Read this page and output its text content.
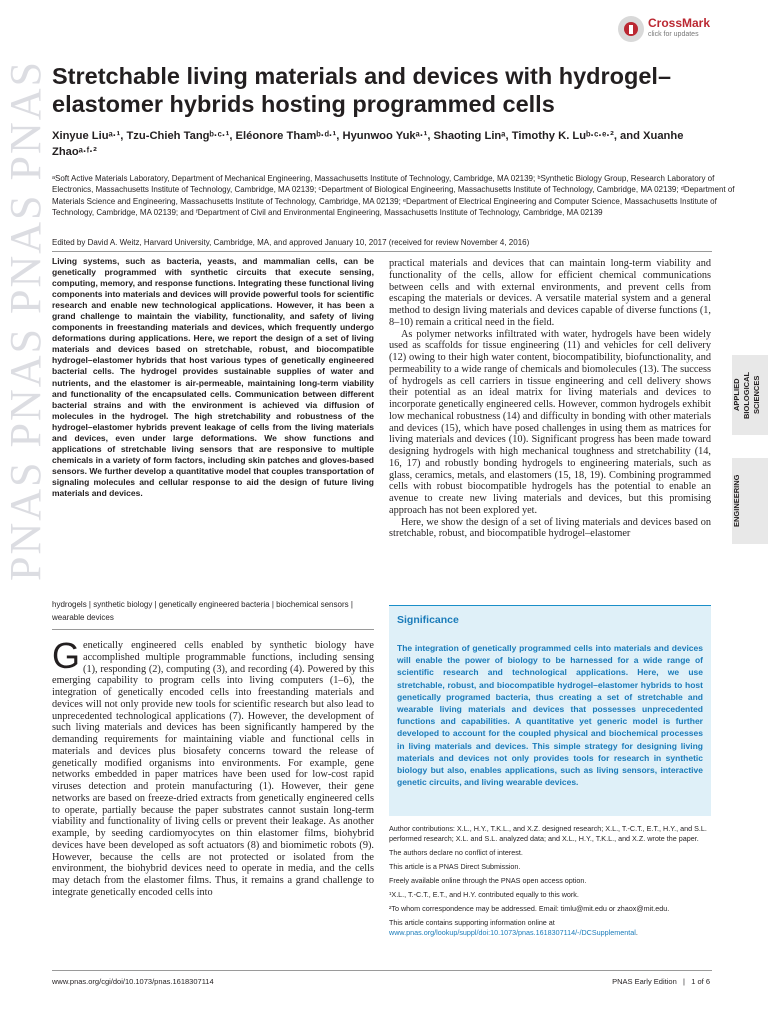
PNAS PNAS PNAS PNAS
CrossMark
click for updates
Stretchable living materials and devices with hydrogel–elastomer hybrids hosting programmed cells
Xinyue Liuᵃ·¹, Tzu-Chieh Tangᵇ·ᶜ·¹, Eléonore Thamᵇ·ᵈ·¹, Hyunwoo Yukᵃ·¹, Shaoting Linᵃ, Timothy K. Luᵇ·ᶜ·ᵉ·², and Xuanhe Zhaoᵃ·ᶠ·²
ᵃSoft Active Materials Laboratory, Department of Mechanical Engineering, Massachusetts Institute of Technology, Cambridge, MA 02139; ᵇSynthetic Biology Group, Research Laboratory of Electronics, Massachusetts Institute of Technology, Cambridge, MA 02139; ᶜDepartment of Biological Engineering, Massachusetts Institute of Technology, Cambridge, MA 02139; ᵈDepartment of Materials Science and Engineering, Massachusetts Institute of Technology, Cambridge, MA 02139; ᵉDepartment of Electrical Engineering and Computer Science, Massachusetts Institute of Technology, Cambridge, MA 02139; and ᶠDepartment of Civil and Environmental Engineering, Massachusetts Institute of Technology, Cambridge, MA 02139
Edited by David A. Weitz, Harvard University, Cambridge, MA, and approved January 10, 2017 (received for review November 4, 2016)
Living systems, such as bacteria, yeasts, and mammalian cells, can be genetically programmed with synthetic circuits that execute sensing, computing, memory, and response functions. Integrating these functional living components into materials and devices will provide powerful tools for scientific research and enable new technological applications. However, it has been a grand challenge to maintain the viability, functionality, and safety of living components in freestanding materials and devices, which frequently undergo deformations during applications. Here, we report the design of a set of living materials and devices based on stretchable, robust, and biocompatible hydrogel–elastomer hybrids that host various types of genetically engineered bacterial cells. The hydrogel provides sustainable supplies of water and nutrients, and the elastomer is air-permeable, maintaining long-term viability and functionality of the encapsulated cells. Communication between different bacterial strains and with the environment is achieved via diffusion of molecules in the hydrogel. The high stretchability and robustness of the hydrogel–elastomer hybrids prevent leakage of cells from the living materials and devices, even under large deformations. We show functions and applications of stretchable living sensors that are responsive to multiple chemicals in a variety of form factors, including skin patches and gloves-based sensors. We further develop a quantitative model that couples transportation of signaling molecules and cellular response to aid the design of future living materials and devices.
hydrogels | synthetic biology | genetically engineered bacteria | biochemical sensors | wearable devices
Genetically engineered cells enabled by synthetic biology have accomplished multiple programmable functions, including sensing (1), responding (2), computing (3), and recording (4). Powered by this emerging capability to program cells into living computers (1–6), the integration of genetically encoded cells into freestanding materials and devices will not only provide new tools for scientific research but also lead to unprecedented technological applications (7). However, the development of such living materials and devices has been significantly hampered by the demanding requirements for maintaining viable and functional cells in materials and devices plus biosafety concerns toward the release of genetically modified organisms into environments. For example, gene networks embedded in paper matrices have been used for low-cost rapid viruses detection and protein manufacturing (1). However, their gene networks are based on freeze-dried extracts from genetically engineered cells to operate, partially because the paper substrates cannot sustain long-term viability and functionality of living cells or prevent their leakage. As another example, by seeding cardiomyocytes on thin elastomer films, biohybrid devices have been developed as soft actuators (8) and biomimetic robots (9). However, because the cells are not protected or isolated from the environment, the biohybrid devices need to operate in media, and the cells may detach from the elastomer films. Thus, it remains a grand challenge to integrate genetically encoded cells into

practical materials and devices that can maintain long-term viability and functionality of the cells, allow for efficient chemical communications between cells and with external environments, and prevent cells from escaping the materials or devices. A versatile material system and a general method to design living materials and devices capable of diverse functions (1, 8–10) remain a critical need in the field.

As polymer networks infiltrated with water, hydrogels have been widely used as scaffolds for tissue engineering (11) and vehicles for cell delivery (12) owing to their high water content, biocompatibility, biofunctionality, and permeability to a wide range of chemicals and biomolecules (13). The success of hydrogels as cell carriers in tissue engineering and cell delivery shows their potential as an ideal matrix for living materials and devices to incorporate genetically engineered cells. However, common hydrogels exhibit low mechanical robustness (14) and difficulty in bonding with other materials and devices (15), which have posed challenges in using them as matrices for living materials and devices (10). Significant progress has been made toward designing hydrogels with high mechanical toughness and stretchability (14, 16, 17) and robustly bonding hydrogels to engineering materials, such as glass, ceramics, metals, and elastomers (15, 18, 19). Combining programmed cells with robust biocompatible hydrogels has the potential to enable an avenue to create new living materials and devices, but this promising approach has not been explored yet.

Here, we show the design of a set of living materials and devices based on stretchable, robust, and biocompatible hydrogel–elastomer

Significance
The integration of genetically programmed cells into materials and devices will enable the power of biology to be harnessed for a wide range of scientific research and technological applications. Here, we use stretchable, robust, and biocompatible hydrogel–elastomer hybrids to host genetically programed bacteria, thus creating a set of stretchable and wearable living materials and devices that possesses unprecedented functions and capabilities. A quantitative yet generic model is further developed to account for the coupled physical and biochemical processes in living materials and devices. This simple strategy for designing living materials and devices not only provides tools for research in synthetic biology but also, enables applications, such as living sensors, interactive genetic circuits, and living wearable devices.

Author contributions: X.L., H.Y., T.K.L., and X.Z. designed research; X.L., T.-C.T., E.T., H.Y., and S.L. performed research; X.L. and S.L. analyzed data; and X.L., H.Y., T.K.L., and X.Z. wrote the paper.

The authors declare no conflict of interest.

This article is a PNAS Direct Submission.

Freely available online through the PNAS open access option.

¹X.L., T.-C.T., E.T., and H.Y. contributed equally to this work.

²To whom correspondence may be addressed. Email: timlu@mit.edu or zhaox@mit.edu.

This article contains supporting information online at www.pnas.org/lookup/suppl/doi:10.1073/pnas.1618307114/-/DCSupplemental.

APPLIED BIOLOGICAL SCIENCES
ENGINEERING
www.pnas.org/cgi/doi/10.1073/pnas.1618307114	PNAS Early Edition   |   1 of 6
